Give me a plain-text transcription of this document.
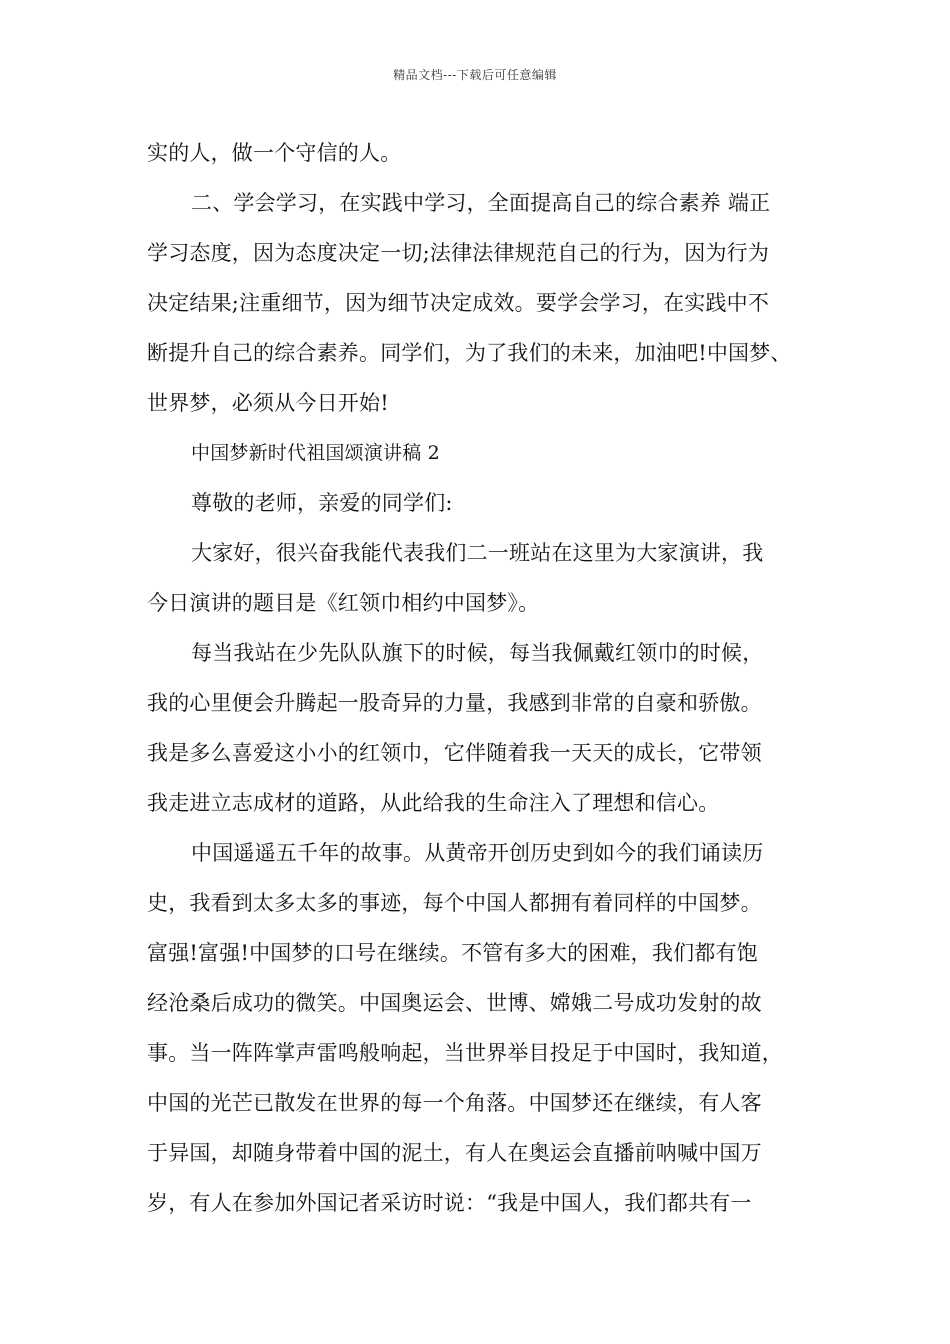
精品文档---下载后可任意编辑
实的人，做一个守信的人。
二、学会学习，在实践中学习，全面提高自己的综合素养 端正
学习态度，因为态度决定一切;法律法律规范自己的行为，因为行为
决定结果;注重细节，因为细节决定成效。要学会学习，在实践中不
断提升自己的综合素养。同学们，为了我们的未来，加油吧!中国梦、
世界梦，必须从今日开始!
中国梦新时代祖国颂演讲稿 2
尊敬的老师，亲爱的同学们:
大家好，很兴奋我能代表我们二一班站在这里为大家演讲，我
今日演讲的题目是《红领巾相约中国梦》。
每当我站在少先队队旗下的时候，每当我佩戴红领巾的时候，
我的心里便会升腾起一股奇异的力量，我感到非常的自豪和骄傲。
我是多么喜爱这小小的红领巾，它伴随着我一天天的成长，它带领
我走进立志成材的道路，从此给我的生命注入了理想和信心。
中国遥遥五千年的故事。从黄帝开创历史到如今的我们诵读历
史，我看到太多太多的事迹，每个中国人都拥有着同样的中国梦。
富强!富强!中国梦的口号在继续。不管有多大的困难，我们都有饱
经沧桑后成功的微笑。中国奥运会、世博、嫦娥二号成功发射的故
事。当一阵阵掌声雷鸣般响起，当世界举目投足于中国时，我知道，
中国的光芒已散发在世界的每一个角落。中国梦还在继续，有人客
于异国，却随身带着中国的泥土，有人在奥运会直播前呐喊中国万
岁，有人在参加外国记者采访时说：“我是中国人，我们都共有一
